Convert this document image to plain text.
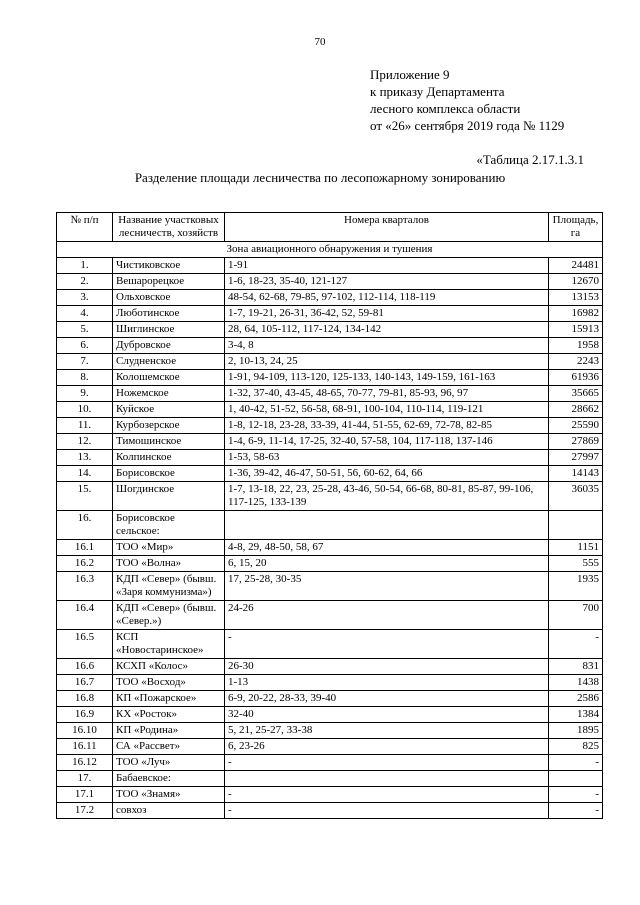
70
Приложение 9
к приказу Департамента
лесного комплекса области
от «26» сентября 2019 года № 1129
«Таблица 2.17.1.3.1
Разделение площади лесничества по лесопожарному зонированию
№ п/п	Название участковых лесничеств, хозяйств	Номера кварталов	Площадь, га
Зона авиационного обнаружения и тушения			
1.	Чистиковское	1-91	24481
2.	Вешарорецкое	1-6, 18-23, 35-40, 121-127	12670
3.	Ольховское	48-54, 62-68, 79-85, 97-102, 112-114, 118-119	13153
4.	Люботинское	1-7, 19-21, 26-31, 36-42, 52, 59-81	16982
5.	Шиглинское	28, 64, 105-112, 117-124, 134-142	15913
6.	Дубровское	3-4, 8	1958
7.	Слудненское	2, 10-13, 24, 25	2243
8.	Колошемское	1-91, 94-109, 113-120, 125-133, 140-143, 149-159, 161-163	61936
9.	Ножемское	1-32, 37-40, 43-45, 48-65, 70-77, 79-81, 85-93, 96, 97	35665
10.	Куйское	1, 40-42, 51-52, 56-58, 68-91, 100-104, 110-114, 119-121	28662
11.	Курбозерское	1-8, 12-18, 23-28, 33-39, 41-44, 51-55, 62-69, 72-78, 82-85	25590
12.	Тимошинское	1-4, 6-9, 11-14, 17-25, 32-40, 57-58, 104, 117-118, 137-146	27869
13.	Колпинское	1-53, 58-63	27997
14.	Борисовское	1-36, 39-42, 46-47, 50-51, 56, 60-62, 64, 66	14143
15.	Шогдинское	1-7, 13-18, 22, 23, 25-28, 43-46, 50-54, 66-68, 80-81, 85-87, 99-106, 117-125, 133-139	36035
16.	Борисовское сельское:		
16.1	ТОО «Мир»	4-8, 29, 48-50, 58, 67	1151
16.2	ТОО «Волна»	6, 15, 20	555
16.3	КДП «Север» (бывш. «Заря коммунизма»)	17, 25-28, 30-35	1935
16.4	КДП «Север» (бывш. «Север.»)	24-26	700
16.5	КСП «Новостаринское»	-	-
16.6	КСХП «Колос»	26-30	831
16.7	ТОО «Восход»	1-13	1438
16.8	КП «Пожарское»	6-9, 20-22, 28-33, 39-40	2586
16.9	КХ «Росток»	32-40	1384
16.10	КП «Родина»	5, 21, 25-27, 33-38	1895
16.11	СА «Рассвет»	6, 23-26	825
16.12	ТОО «Луч»	-	-
17.	Бабаевское:		
17.1	ТОО «Знамя»	-	-
17.2	совхоз	-	-
